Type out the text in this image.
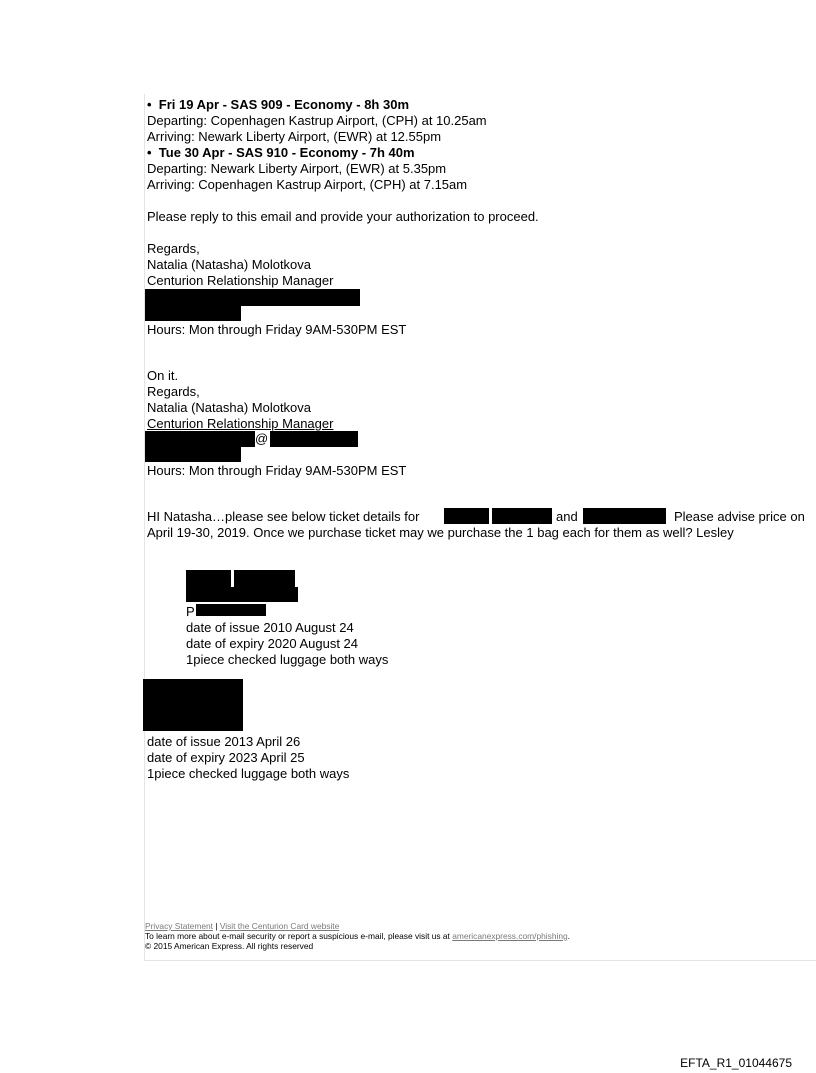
• Fri 19 Apr - SAS 909 - Economy - 8h 30m
Departing: Copenhagen Kastrup Airport, (CPH) at 10.25am
Arriving: Newark Liberty Airport, (EWR) at 12.55pm
• Tue 30 Apr - SAS 910 - Economy - 7h 40m
Departing: Newark Liberty Airport, (EWR) at 5.35pm
Arriving: Copenhagen Kastrup Airport, (CPH) at 7.15am
Please reply to this email and provide your authorization to proceed.
Regards,
Natalia (Natasha) Molotkova
Centurion Relationship Manager
Hours: Mon through Friday 9AM-530PM EST
On it.
Regards,
Natalia (Natasha) Molotkova
Centurion Relationship Manager
@
Hours: Mon through Friday 9AM-530PM EST
HI Natasha…please see below ticket details for	and	Please advise price on
April 19-30, 2019. Once we purchase ticket may we purchase the 1 bag each for them as well? Lesley
P
date of issue 2010 August 24
date of expiry 2020 August 24
1piece checked luggage both ways
date of issue 2013 April 26
date of expiry 2023 April 25
1piece checked luggage both ways
Privacy Statement | Visit the Centurion Card website
To learn more about e-mail security or report a suspicious e-mail, please visit us at americanexpress.com/phishing.
© 2015 American Express. All rights reserved
EFTA_R1_01044675
